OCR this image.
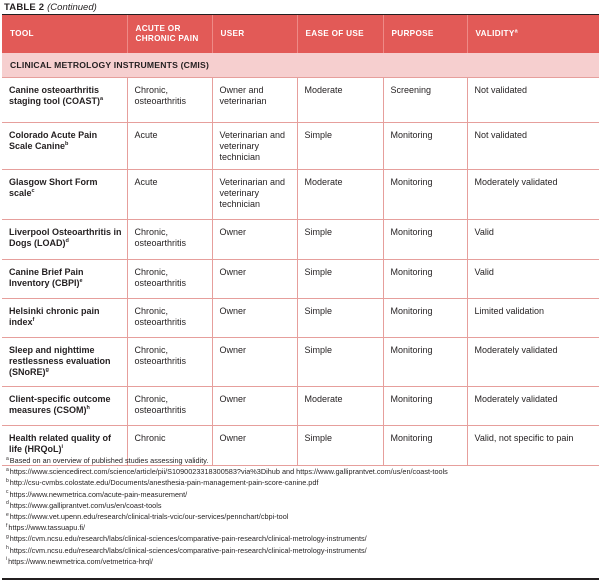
TABLE 2 (Continued)
TOOL	ACUTE OR CHRONIC PAIN	USER	EASE OF USE	PURPOSE	VALIDITY$^a$
CLINICAL METROLOGY INSTRUMENTS (CMIS)					
Canine osteoarthritis staging tool (COAST)$^a$	Chronic, osteoarthritis	Owner and veterinarian	Moderate	Screening	Not validated
Colorado Acute Pain Scale Canine$^b$	Acute	Veterinarian and veterinary technician	Simple	Monitoring	Not validated
Glasgow Short Form scale$^c$	Acute	Veterinarian and veterinary technician	Moderate	Monitoring	Moderately validated
Liverpool Osteoarthritis in Dogs (LOAD)$^d$	Chronic, osteoarthritis	Owner	Simple	Monitoring	Valid
Canine Brief Pain Inventory (CBPI)$^e$	Chronic, osteoarthritis	Owner	Simple	Monitoring	Valid
Helsinki chronic pain index$^f$	Chronic, osteoarthritis	Owner	Simple	Monitoring	Limited validation
Sleep and nighttime restlessness evaluation (SNoRE)$^g$	Chronic, osteoarthritis	Owner	Simple	Monitoring	Moderately validated
Client-specific outcome measures (CSOM)$^h$	Chronic, osteoarthritis	Owner	Moderate	Monitoring	Moderately validated
Health related quality of life (HRQoL)$^i$	Chronic	Owner	Simple	Monitoring	Valid, not specific to pain
$^a$Based on an overview of published studies assessing validity.
$^a$https://www.sciencedirect.com/science/article/pii/S1090023318300583?via%3Dihub and https://www.galliprantvet.com/us/en/coast-tools
$^b$http://csu-cvmbs.colostate.edu/Documents/anesthesia-pain-management-pain-score-canine.pdf
$^c$https://www.newmetrica.com/acute-pain-measurement/
$^d$https://www.galliprantvet.com/us/en/coast-tools
$^e$https://www.vet.upenn.edu/research/clinical-trials-vcic/our-services/pennchart/cbpi-tool
$^f$https://www.tassuapu.fi/
$^g$https://cvm.ncsu.edu/research/labs/clinical-sciences/comparative-pain-research/clinical-metrology-instruments/
$^h$https://cvm.ncsu.edu/research/labs/clinical-sciences/comparative-pain-research/clinical-metrology-instruments/
$^i$https://www.newmetrica.com/vetmetrica-hrql/
